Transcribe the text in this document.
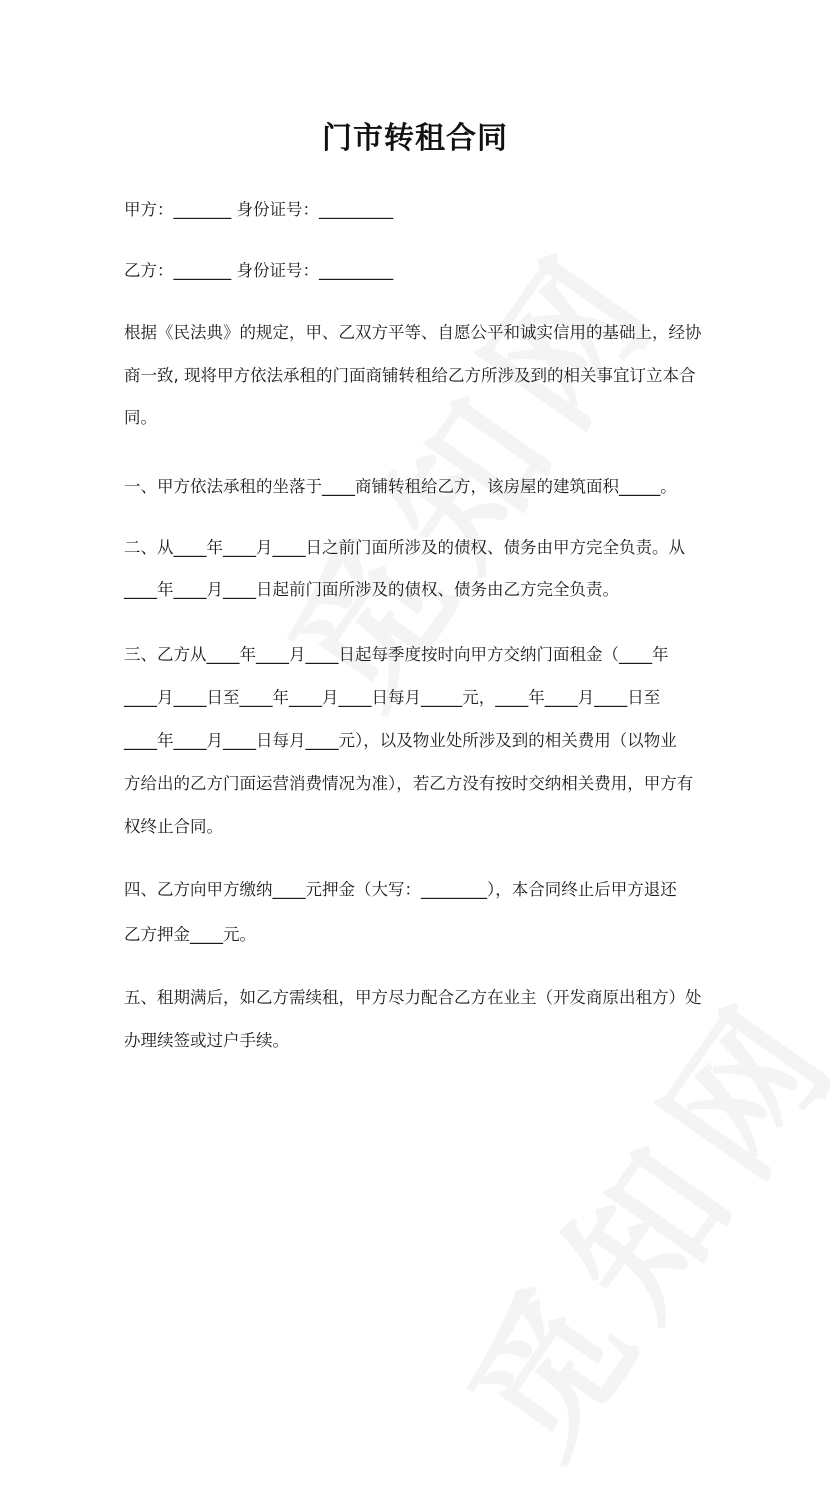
门市转租合同
甲方：_______ 身份证号：_________
乙方：_______ 身份证号：_________
根据《民法典》的规定，甲、乙双方平等、自愿公平和诚实信用的基础上，经协
商一致, 现将甲方依法承租的门面商铺转租给乙方所涉及到的相关事宜订立本合
同。
一、甲方依法承租的坐落于____商铺转租给乙方，该房屋的建筑面积_____。
二、从____年____月____日之前门面所涉及的债权、债务由甲方完全负责。从
____年____月____日起前门面所涉及的债权、债务由乙方完全负责。
三、乙方从____年____月____日起每季度按时向甲方交纳门面租金（____年
____月____日至____年____月____日每月_____元，____年____月____日至
____年____月____日每月____元），以及物业处所涉及到的相关费用（以物业
方给出的乙方门面运营消费情况为准），若乙方没有按时交纳相关费用，甲方有
权终止合同。
四、乙方向甲方缴纳____元押金（大写：________），本合同终止后甲方退还
乙方押金____元。
五、租期满后，如乙方需续租，甲方尽力配合乙方在业主（开发商原出租方）处
办理续签或过户手续。
